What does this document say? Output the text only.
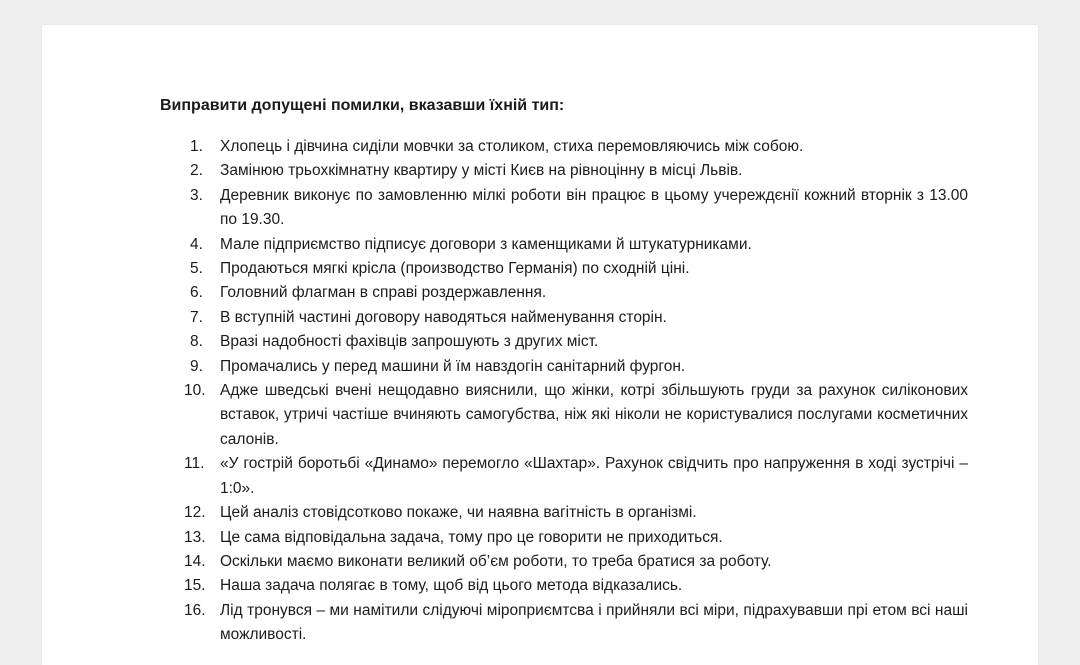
Виправити допущені помилки, вказавши їхній тип:
1.	Хлопець і дівчина сиділи мовчки за столиком, стиха перемовляючись між собою.
2.	Замінюю трьохкімнатну квартиру у місті Києв на рівноцінну в місці Львів.
3.	Деревник виконує по замовленню мілкі роботи він працює в цьому учереждєнії кожний вторнік з 13.00 по 19.30.
4.	Мале підприємство підписує договори з каменщиками й штукатурниками.
5.	Продаються мягкі крісла (производство Германія) по сходній ціні.
6.	Головний флагман в справі роздержавлення.
7.	В вступній частині договору наводяться найменування сторін.
8.	Вразі надобності фахівців запрошують з других міст.
9.	Промачались у перед машини й їм навздогін санітарний фургон.
10. Адже шведські вчені нещодавно вияснили, що жінки, котрі збільшують груди за рахунок силіконових вставок, утричі частіше вчиняють самогубства, ніж які ніколи не користувалися послугами косметичних салонів.
11.	«У гострій боротьбі «Динамо» перемогло «Шахтар». Рахунок свідчить про напруження в ході зустрічі – 1:0».
12. Цей аналіз стовідсотково покаже, чи наявна вагітність в організмі.
13. Це сама відповідальна задача, тому про це говорити не приходиться.
14. Оскільки маємо виконати великий об’єм роботи, то треба братися за роботу.
15. Наша задача полягає в тому, щоб від цього метода відказались.
16. Лід тронувся – ми намітили слідуючі міроприємтсва і прийняли всі міри, підрахувавши прі етом всі наші можливості.
